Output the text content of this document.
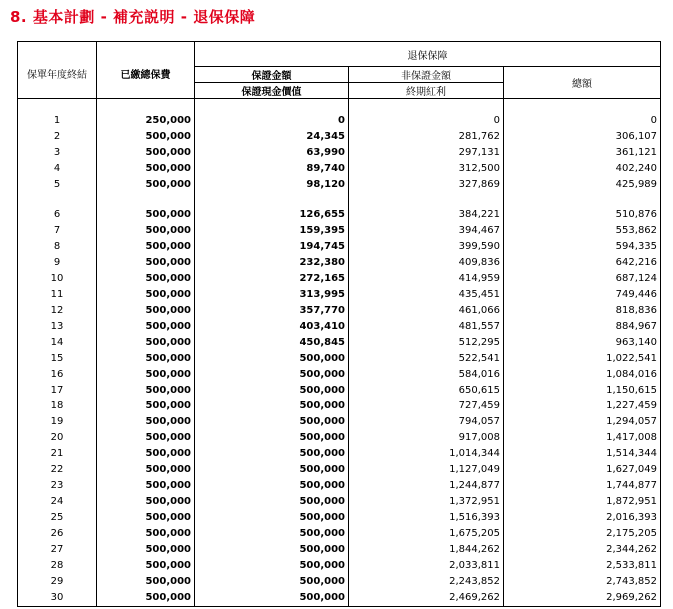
8. 基本計劃 - 補充説明 - 退保保障
保單年度終結	已繳總保費	退保保障		
		保證金額	非保證金額	總額
		保證現金價值	終期紅利	

1	250,000	0	0	0
2	500,000	24,345	281,762	306,107
3	500,000	63,990	297,131	361,121
4	500,000	89,740	312,500	402,240
5	500,000	98,120	327,869	425,989

6	500,000	126,655	384,221	510,876
7	500,000	159,395	394,467	553,862
8	500,000	194,745	399,590	594,335
9	500,000	232,380	409,836	642,216
10	500,000	272,165	414,959	687,124
11	500,000	313,995	435,451	749,446
12	500,000	357,770	461,066	818,836
13	500,000	403,410	481,557	884,967
14	500,000	450,845	512,295	963,140
15	500,000	500,000	522,541	1,022,541
16	500,000	500,000	584,016	1,084,016
17	500,000	500,000	650,615	1,150,615
18	500,000	500,000	727,459	1,227,459
19	500,000	500,000	794,057	1,294,057
20	500,000	500,000	917,008	1,417,008
21	500,000	500,000	1,014,344	1,514,344
22	500,000	500,000	1,127,049	1,627,049
23	500,000	500,000	1,244,877	1,744,877
24	500,000	500,000	1,372,951	1,872,951
25	500,000	500,000	1,516,393	2,016,393
26	500,000	500,000	1,675,205	2,175,205
27	500,000	500,000	1,844,262	2,344,262
28	500,000	500,000	2,033,811	2,533,811
29	500,000	500,000	2,243,852	2,743,852
30	500,000	500,000	2,469,262	2,969,262
